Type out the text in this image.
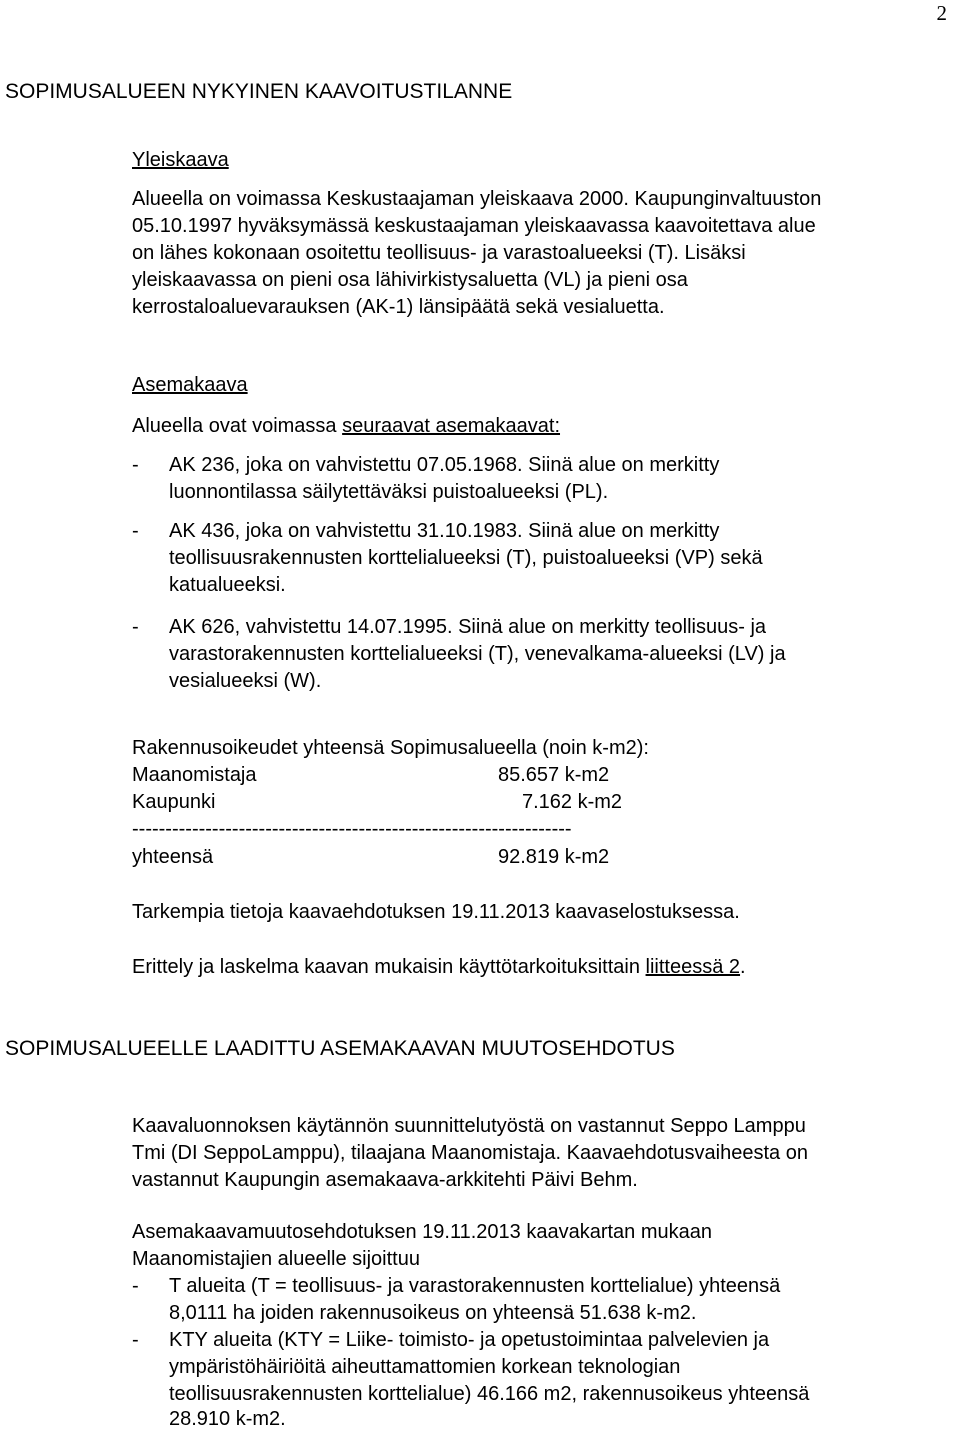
2
SOPIMUSALUEEN NYKYINEN KAAVOITUSTILANNE
Yleiskaava
Alueella on voimassa Keskustaajaman yleiskaava 2000. Kaupunginvaltuuston
05.10.1997 hyväksymässä keskustaajaman yleiskaavassa kaavoitettava alue
on lähes kokonaan osoitettu teollisuus- ja varastoalueeksi (T). Lisäksi
yleiskaavassa on pieni osa lähivirkistysaluetta (VL) ja pieni osa
kerrostaloaluevarauksen (AK-1) länsipäätä sekä vesialuetta.
Asemakaava
Alueella ovat voimassa seuraavat asemakaavat:
- AK 236, joka on vahvistettu 07.05.1968. Siinä alue on merkitty
luonnontilassa säilytettäväksi puistoalueeksi (PL).
- AK 436, joka on vahvistettu 31.10.1983. Siinä alue on merkitty
teollisuusrakennusten korttelialueeksi (T), puistoalueeksi (VP) sekä
katualueeksi.
- AK 626, vahvistettu 14.07.1995. Siinä alue on merkitty teollisuus- ja
varastorakennusten korttelialueeksi (T), venevalkama-alueeksi (LV) ja
vesialueeksi (W).
Rakennusoikeudet yhteensä Sopimusalueella (noin k-m2):
Maanomistaja	85.657 k-m2
Kaupunki	7.162 k-m2
------------------------------------------------------------------
yhteensä	92.819 k-m2
Tarkempia tietoja kaavaehdotuksen 19.11.2013 kaavaselostuksessa.
Erittely ja laskelma kaavan mukaisin käyttötarkoituksittain liitteessä 2.
SOPIMUSALUEELLE LAADITTU ASEMAKAAVAN MUUTOSEHDOTUS
Kaavaluonnoksen käytännön suunnittelutyöstä on vastannut Seppo Lamppu
Tmi (DI SeppoLamppu), tilaajana Maanomistaja. Kaavaehdotusvaiheesta on
vastannut Kaupungin asemakaava-arkkitehti Päivi Behm.
Asemakaavamuutosehdotuksen 19.11.2013 kaavakartan mukaan
Maanomistajien alueelle sijoittuu
- T alueita (T = teollisuus- ja varastorakennusten korttelialue) yhteensä
8,0111 ha joiden rakennusoikeus on yhteensä 51.638 k-m2.
- KTY alueita (KTY = Liike- toimisto- ja opetustoimintaa palvelevien ja
ympäristöhäiriöitä aiheuttamattomien korkean teknologian
teollisuusrakennusten korttelialue) 46.166 m2, rakennusoikeus yhteensä
28.910 k-m2.
